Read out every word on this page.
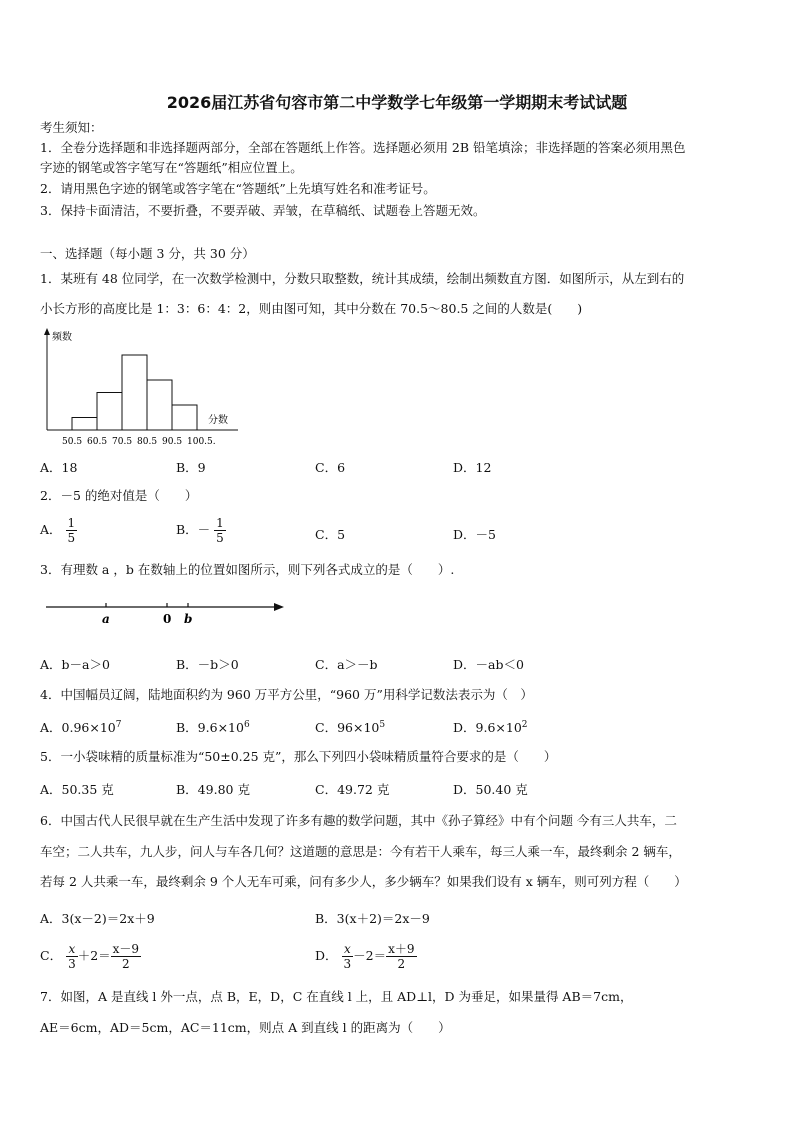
2026届江苏省句容市第二中学数学七年级第一学期期末考试试题
考生须知：
1．全卷分选择题和非选择题两部分，全部在答题纸上作答。选择题必须用 2B 铅笔填涂；非选择题的答案必须用黑色
字迹的钢笔或答字笔写在“答题纸”相应位置上。
2．请用黑色字迹的钢笔或答字笔在“答题纸”上先填写姓名和准考证号。
3．保持卡面清洁，不要折叠，不要弄破、弄皱，在草稿纸、试题卷上答题无效。
一、选择题（每小题 3 分，共 30 分）
1．某班有 48 位同学，在一次数学检测中，分数只取整数，统计其成绩，绘制出频数直方图．如图所示，从左到右的
小长方形的高度比是 1：3：6：4：2，则由图可知，其中分数在 70.5～80.5 之间的人数是(　　)
频数
分数
50.5 60.5 70.5 80.5 90.5 100.5.
A．18	B．9	C．6	D．12
2．－5 的绝对值是（　　）
A． $\frac{1}{5}$	B．－ $\frac{1}{5}$	C．5	D．－5
3．有理数 a ，b 在数轴上的位置如图所示，则下列各式成立的是（　　）.
a	0 b
A．b－a＞0	B．－b＞0	C．a＞－b	D．－ab＜0
4．中国幅员辽阔，陆地面积约为 960 万平方公里，“960 万”用科学记数法表示为（　）
A．$0.96\times 10^7$	B．$9.6\times 10^6$	C．$96\times 10^5$	D．$9.6\times 10^2$
5．一小袋味精的质量标准为“50±0.25 克”，那么下列四小袋味精质量符合要求的是（　　）
A．50.35 克	B．49.80 克	C．49.72 克	D．50.40 克
6．中国古代人民很早就在生产生活中发现了许多有趣的数学问题，其中《孙子算经》中有个问题 今有三人共车，二
车空；二人共车，九人步，问人与车各几何？这道题的意思是：今有若干人乘车，每三人乘一车，最终剩余 2 辆车，
若每 2 人共乘一车，最终剩余 9 个人无车可乘，问有多少人，多少辆车？如果我们设有 x 辆车，则可列方程（　　）
A．3(x－2)＝2x＋9	B．3(x＋2)＝2x－9
C． $\frac{x}{3} +2= \frac{x-9}{2}$	D． $\frac{x}{3} -2= \frac{x+9}{2}$
7．如图，A 是直线 l 外一点，点 B，E，D，C 在直线 l 上，且 AD⊥l，D 为垂足，如果量得 AB＝7cm，
AE＝6cm，AD＝5cm，AC＝11cm，则点 A 到直线 l 的距离为（　　）
